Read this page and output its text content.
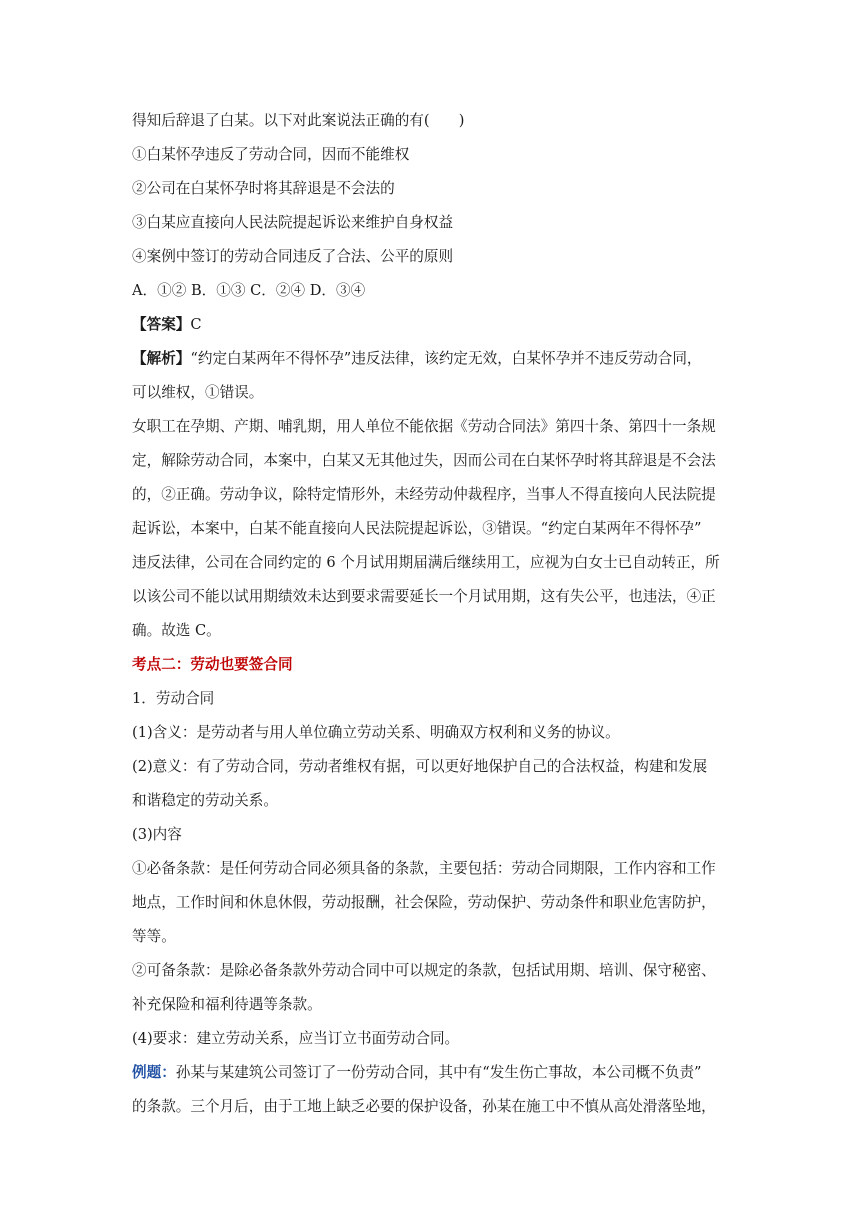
得知后辞退了白某。以下对此案说法正确的有(　　)
①白某怀孕违反了劳动合同，因而不能维权
②公司在白某怀孕时将其辞退是不会法的
③白某应直接向人民法院提起诉讼来维护自身权益
④案例中签订的劳动合同违反了合法、公平的原则
A．①② B．①③ C．②④ D．③④
【答案】C
【解析】“约定白某两年不得怀孕”违反法律，该约定无效，白某怀孕并不违反劳动合同，
可以维权，①错误。
女职工在孕期、产期、哺乳期，用人单位不能依据《劳动合同法》第四十条、第四十一条规
定，解除劳动合同，本案中，白某又无其他过失，因而公司在白某怀孕时将其辞退是不会法
的，②正确。劳动争议，除特定情形外，未经劳动仲裁程序，当事人不得直接向人民法院提
起诉讼，本案中，白某不能直接向人民法院提起诉讼，③错误。“约定白某两年不得怀孕”
违反法律，公司在合同约定的 6 个月试用期届满后继续用工，应视为白女士已自动转正，所
以该公司不能以试用期绩效未达到要求需要延长一个月试用期，这有失公平，也违法，④正
确。故选 C。
考点二：劳动也要签合同
1．劳动合同
(1)含义：是劳动者与用人单位确立劳动关系、明确双方权利和义务的协议。
(2)意义：有了劳动合同，劳动者维权有据，可以更好地保护自己的合法权益，构建和发展
和谐稳定的劳动关系。
(3)内容
①必备条款：是任何劳动合同必须具备的条款，主要包括：劳动合同期限，工作内容和工作
地点，工作时间和休息休假，劳动报酬，社会保险，劳动保护、劳动条件和职业危害防护，
等等。
②可备条款：是除必备条款外劳动合同中可以规定的条款，包括试用期、培训、保守秘密、
补充保险和福利待遇等条款。
(4)要求：建立劳动关系，应当订立书面劳动合同。
例题：孙某与某建筑公司签订了一份劳动合同，其中有“发生伤亡事故，本公司概不负责”
的条款。三个月后，由于工地上缺乏必要的保护设备，孙某在施工中不慎从高处滑落坠地，
